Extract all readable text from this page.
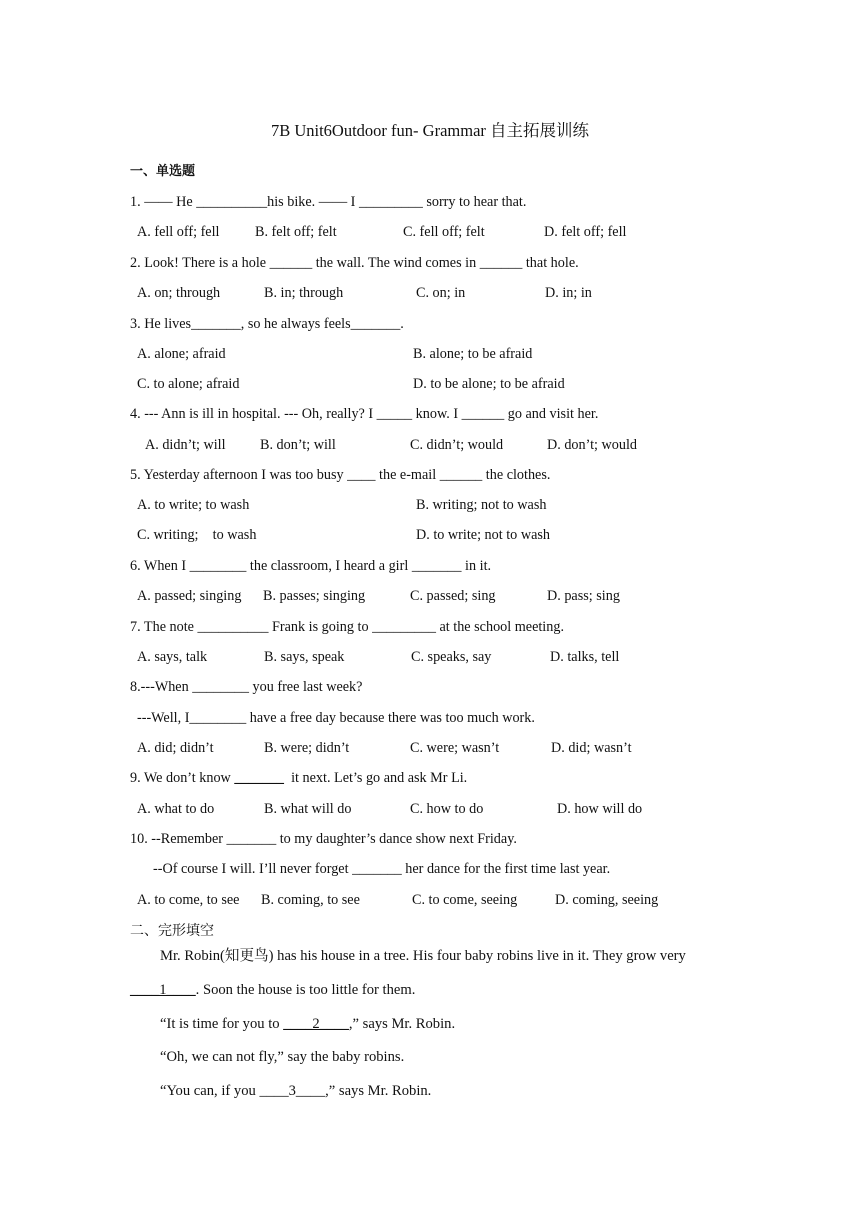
7B Unit6Outdoor fun- Grammar 自主拓展训练
一、单选题
1. —— He __________his bike. —— I _________ sorry to hear that.
A. fell off; fell	B. felt off; felt	C. fell off; felt	D. felt off; fell
2. Look! There is a hole ______ the wall. The wind comes in ______ that hole.
A. on; through	B. in; through	C. on; in	D. in; in
3. He lives_______, so he always feels_______.
A. alone; afraid	B. alone; to be afraid
C. to alone; afraid	D. to be alone; to be afraid
4. --- Ann is ill in hospital. --- Oh, really? I _____ know. I ______ go and visit her.
A. didn’t; will B. don’t; will	C. didn’t; would	D. don’t; would
5. Yesterday afternoon I was too busy ____ the e-mail ______ the clothes.
A. to write; to wash	B. writing; not to wash
C. writing;    to wash	D. to write; not to wash
6. When I ________ the classroom, I heard a girl _______ in it.
A. passed; singing B. passes; singing	C. passed; sing	D. pass; sing
7. The note __________ Frank is going to _________ at the school meeting.
A. says, talk	B. says, speak	C. speaks, say	D. talks, tell
8.---When ________ you free last week?
---Well, I________ have a free day because there was too much work.
A. did; didn’t	B. were; didn’t	C. were; wasn’t	D. did; wasn’t
9. We don’t know _______  it next. Let’s go and ask Mr Li.
A. what to do	B. what will do	C. how to do	D. how will do
10. --Remember _______ to my daughter’s dance show next Friday.
--Of course I will. I’ll never forget _______ her dance for the first time last year.
A. to come, to see B. coming, to see	C. to come, seeing	D. coming, seeing
二、完形填空
Mr. Robin(知更鸟) has his house in a tree. His four baby robins live in it. They grow very
____1____. Soon the house is too little for them.
“It is time for you to ____2____,” says Mr. Robin.
“Oh, we can not fly,” say the baby robins.
“You can, if you ____3____,” says Mr. Robin.
